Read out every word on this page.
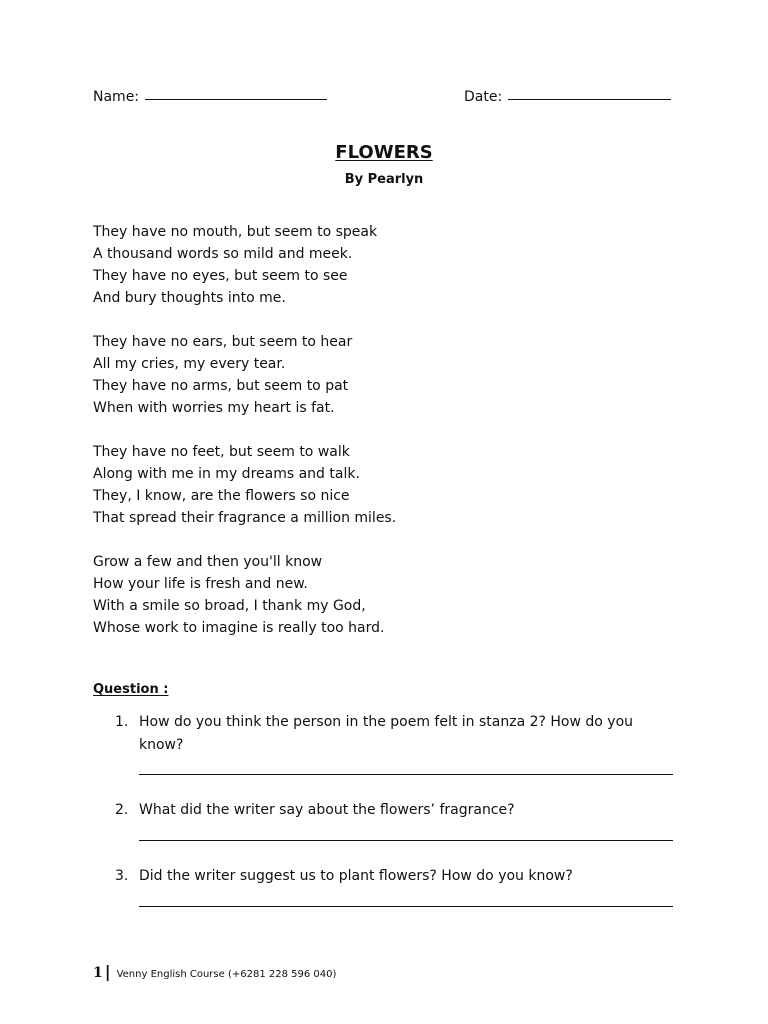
Name:	Date:
FLOWERS
By Pearlyn
They have no mouth, but seem to speak
A thousand words so mild and meek.
They have no eyes, but seem to see
And bury thoughts into me.
They have no ears, but seem to hear
All my cries, my every tear.
They have no arms, but seem to pat
When with worries my heart is fat.
They have no feet, but seem to walk
Along with me in my dreams and talk.
They, I know, are the flowers so nice
That spread their fragrance a million miles.
Grow a few and then you'll know
How your life is fresh and new.
With a smile so broad, I thank my God,
Whose work to imagine is really too hard.
Question :
1. How do you think the person in the poem felt in stanza 2? How do you know?
2. What did the writer say about the flowers’ fragrance?
3. Did the writer suggest us to plant flowers? How do you know?
1 | Venny English Course (+6281 228 596 040)
